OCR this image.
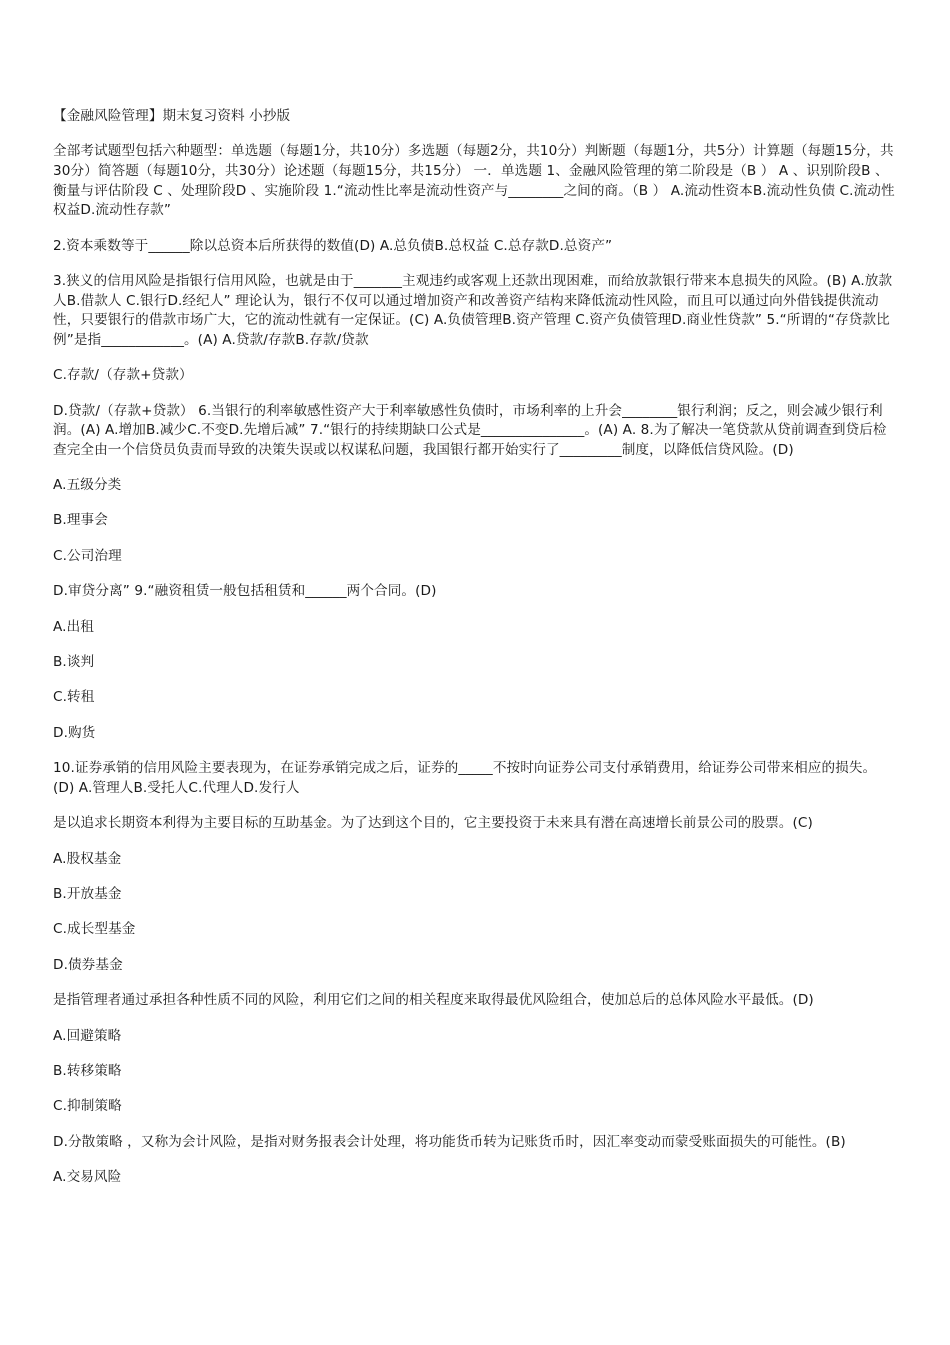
【金融风险管理】期末复习资料 小抄版

全部考试题型包括六种题型：单选题（每题1分，共10分）多选题（每题2分，共10分）判断题（每题1分，共5分）计算题（每题15分，共30分）简答题（每题10分，共30分）论述题（每题15分，共15分） 一．单选题 1、金融风险管理的第二阶段是（B ） A 、识别阶段B 、衡量与评估阶段 C 、处理阶段D 、实施阶段 1.“流动性比率是流动性资产与________之间的商。（B ） A.流动性资本B.流动性负债 C.流动性权益D.流动性存款”

2.资本乘数等于______除以总资本后所获得的数值(D) A.总负债B.总权益 C.总存款D.总资产”

3.狭义的信用风险是指银行信用风险，也就是由于_______主观违约或客观上还款出现困难，而给放款银行带来本息损失的风险。(B) A.放款人B.借款人 C.银行D.经纪人” 理论认为，银行不仅可以通过增加资产和改善资产结构来降低流动性风险，而且可以通过向外借钱提供流动性，只要银行的借款市场广大，它的流动性就有一定保证。(C) A.负债管理B.资产管理 C.资产负债管理D.商业性贷款” 5.“所谓的“存贷款比例”是指____________。(A) A.贷款/存款B.存款/贷款

C.存款/（存款+贷款）

D.贷款/（存款+贷款） 6.当银行的利率敏感性资产大于利率敏感性负债时，市场利率的上升会________银行利润；反之，则会减少银行利润。(A) A.增加B.减少C.不变D.先增后减” 7.“银行的持续期缺口公式是_______________。(A) A. 8.为了解决一笔贷款从贷前调查到贷后检查完全由一个信贷员负责而导致的决策失误或以权谋私问题，我国银行都开始实行了_________制度，以降低信贷风险。(D)

A.五级分类

B.理事会

C.公司治理

D.审贷分离” 9.“融资租赁一般包括租赁和______两个合同。(D)

A.出租

B.谈判

C.转租

D.购货

10.证券承销的信用风险主要表现为，在证券承销完成之后，证券的_____不按时向证券公司支付承销费用，给证券公司带来相应的损失。(D) A.管理人B.受托人C.代理人D.发行人

是以追求长期资本利得为主要目标的互助基金。为了达到这个目的，它主要投资于未来具有潜在高速增长前景公司的股票。(C)

A.股权基金

B.开放基金

C.成长型基金

D.债券基金

是指管理者通过承担各种性质不同的风险，利用它们之间的相关程度来取得最优风险组合，使加总后的总体风险水平最低。(D)

A.回避策略

B.转移策略

C.抑制策略

D.分散策略 ，又称为会计风险，是指对财务报表会计处理，将功能货币转为记账货币时，因汇率变动而蒙受账面损失的可能性。(B)

A.交易风险
